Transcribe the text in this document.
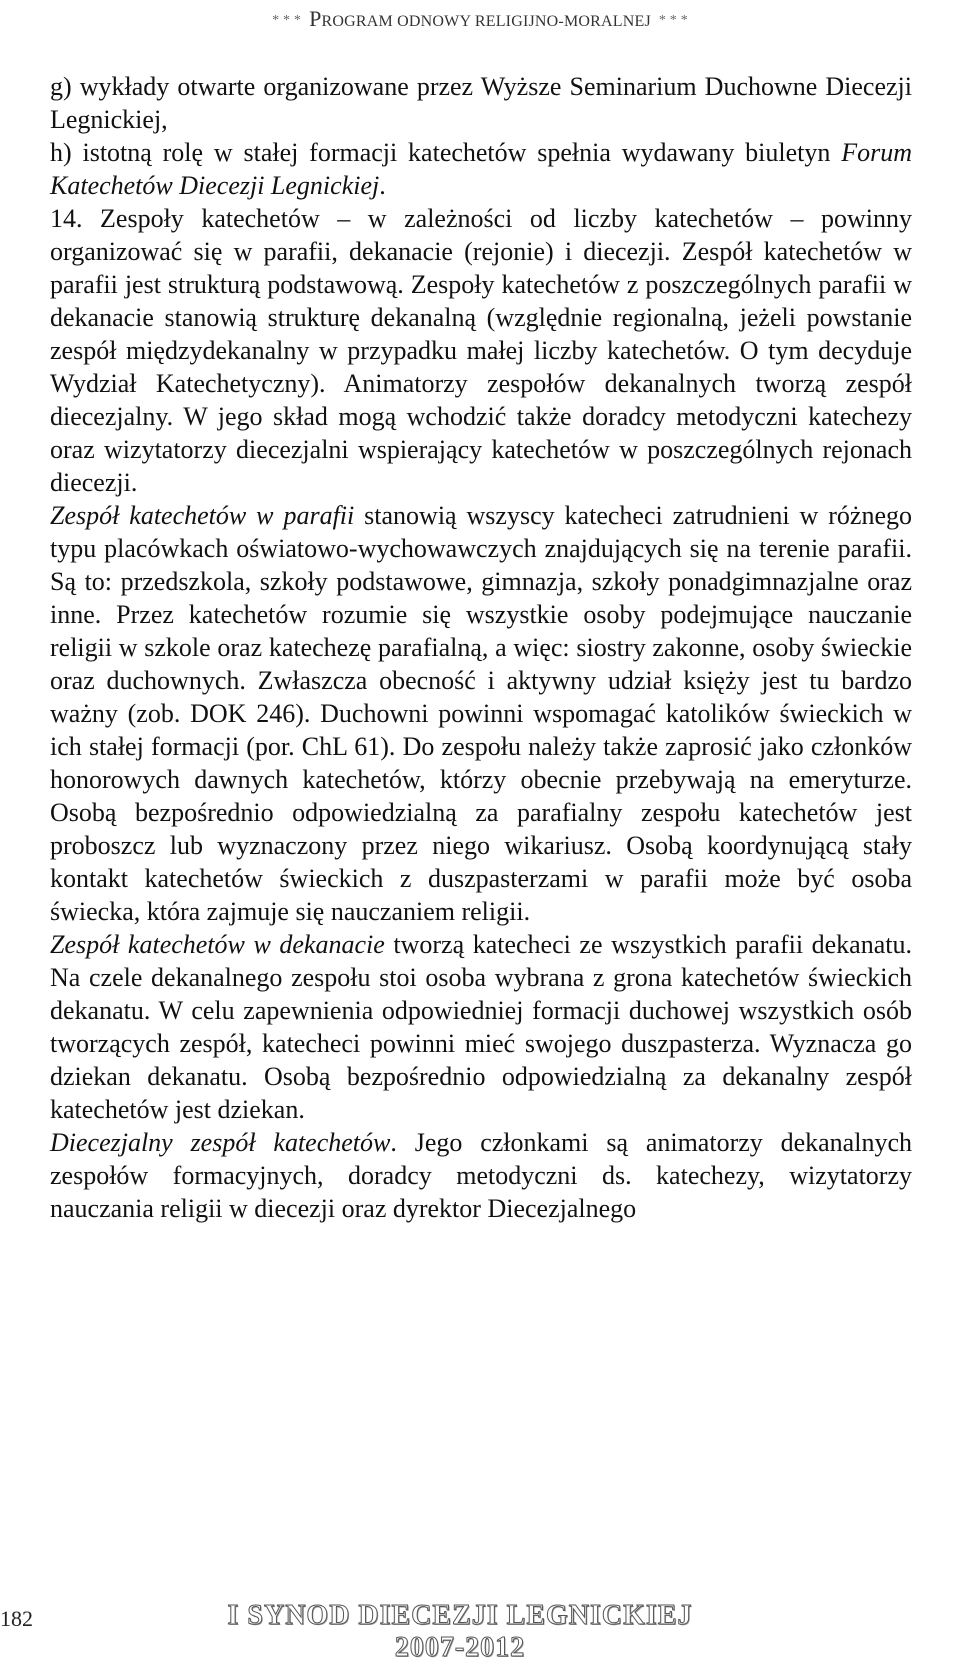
* * * PROGRAM ODNOWY RELIGIJNO-MORALNEJ * * *

g) wykłady otwarte organizowane przez Wyższe Seminarium Duchowne Diecezji Legnickiej,

h) istotną rolę w stałej formacji katechetów spełnia wydawany biuletyn Forum Katechetów Diecezji Legnickiej.

14. Zespoły katechetów – w zależności od liczby katechetów – powinny organizować się w parafii, dekanacie (rejonie) i diecezji. Zespół katechetów w parafii jest strukturą podstawową. Zespoły katechetów z poszczególnych parafii w dekanacie stanowią strukturę dekanalną (względnie regionalną, jeżeli powstanie zespół międzydekanalny w przypadku małej liczby katechetów. O tym decyduje Wydział Katechetyczny). Animatorzy zespołów dekanalnych tworzą zespół diecezjalny. W jego skład mogą wchodzić także doradcy metodyczni katechezy oraz wizytatorzy diecezjalni wspierający katechetów w poszczególnych rejonach diecezji.

Zespół katechetów w parafii stanowią wszyscy katecheci zatrudnieni w różnego typu placówkach oświatowo-wychowawczych znajdujących się na terenie parafii. Są to: przedszkola, szkoły podstawowe, gimnazja, szkoły ponadgimnazjalne oraz inne. Przez katechetów rozumie się wszystkie osoby podejmujące nauczanie religii w szkole oraz katechezę parafialną, a więc: siostry zakonne, osoby świeckie oraz duchownych. Zwłaszcza obecność i aktywny udział księży jest tu bardzo ważny (zob. DOK 246). Duchowni powinni wspomagać katolików świeckich w ich stałej formacji (por. ChL 61). Do zespołu należy także zaprosić jako członków honorowych dawnych katechetów, którzy obecnie przebywają na emeryturze. Osobą bezpośrednio odpowiedzialną za parafialny zespołu katechetów jest proboszcz lub wyznaczony przez niego wikariusz. Osobą koordynującą stały kontakt katechetów świeckich z duszpasterzami w parafii może być osoba świecka, która zajmuje się nauczaniem religii.

Zespół katechetów w dekanacie tworzą katecheci ze wszystkich parafii dekanatu. Na czele dekanalnego zespołu stoi osoba wybrana z grona katechetów świeckich dekanatu. W celu zapewnienia odpowiedniej formacji duchowej wszystkich osób tworzących zespół, katecheci powinni mieć swojego duszpasterza. Wyznacza go dziekan dekanatu. Osobą bezpośrednio odpowiedzialną za dekanalny zespół katechetów jest dziekan.

Diecezjalny zespół katechetów. Jego członkami są animatorzy dekanalnych zespołów formacyjnych, doradcy metodyczni ds. katechezy, wizytatorzy nauczania religii w diecezji oraz dyrektor Diecezjalnego

182	I SYNOD DIECEZJI LEGNICKIEJ 2007-2012
